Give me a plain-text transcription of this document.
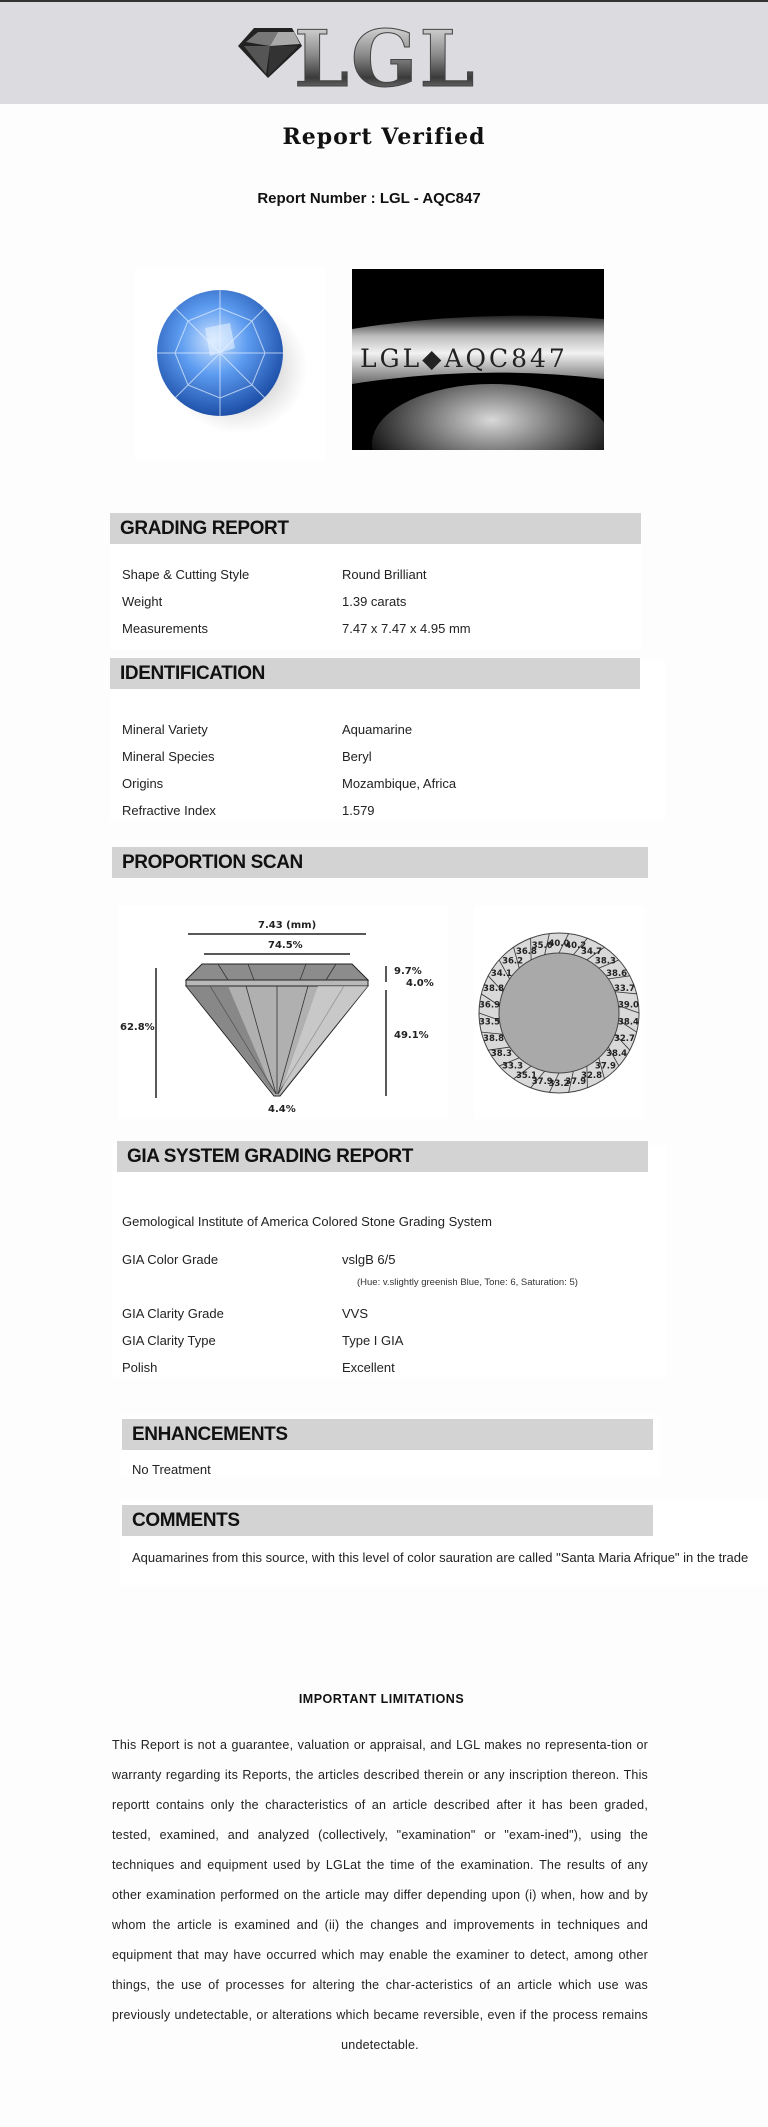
LGL
Report Verified
Report Number : LGL - AQC847
LGL◆AQC847
GRADING REPORT
Shape & Cutting Style	Round Brilliant
Weight	1.39 carats
Measurements	7.47 x 7.47 x 4.95 mm
IDENTIFICATION
Mineral Variety	Aquamarine
Mineral Species	Beryl
Origins	Mozambique, Africa
Refractive Index	1.579
PROPORTION SCAN
7.43 (mm)
74.5%
62.8%
9.7%
4.0%
49.1%
4.4%
40.0
40.2
34.7
38.3
38.6
33.7
39.0
38.4
32.7
38.4
37.9
32.8
37.9
33.2
37.9
35.1
33.3
38.3
38.8
33.5
36.9
38.8
34.1
36.2
36.8
35.0
GIA SYSTEM GRADING REPORT
Gemological Institute of America Colored Stone Grading System
GIA Color Grade	vslgB 6/5
(Hue: v.slightly greenish Blue, Tone: 6, Saturation: 5)
GIA Clarity Grade	VVS
GIA Clarity Type	Type I GIA
Polish	Excellent
ENHANCEMENTS
No Treatment
COMMENTS
Aquamarines from this source, with this level of color sauration are called "Santa Maria Afrique" in the trade
IMPORTANT LIMITATIONS
This Report is not a guarantee, valuation or appraisal, and LGL makes no representa-tion or warranty regarding its Reports, the articles described therein or any inscription thereon. This reportt contains only the characteristics of an article described after it has been graded, tested, examined, and analyzed (collectively, "examination" or "exam-ined"), using the techniques and equipment used by LGLat the time of the examination. The results of any other examination performed on the article may differ depending upon (i) when, how and by whom the article is examined and (ii) the changes and improvements in techniques and equipment that may have occurred which may enable the examiner to detect, among other things, the use of processes for altering the char-acteristics of an article which use was previously undetectable, or alterations which became reversible, even if the process remains undetectable.
